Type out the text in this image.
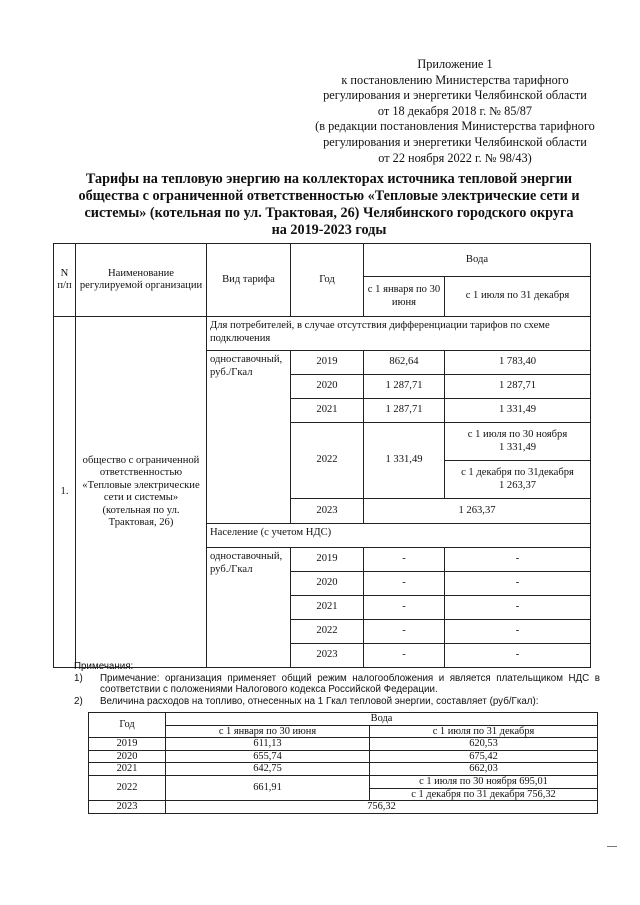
Приложение 1
к постановлению Министерства тарифного
регулирования и энергетики Челябинской области
от 18 декабря 2018 г. № 85/87
(в редакции постановления Министерства тарифного
регулирования и энергетики Челябинской области
от 22 ноября 2022 г. № 98/43)
Тарифы на тепловую энергию на коллекторах источника тепловой энергии
общества с ограниченной ответственностью «Тепловые электрические сети и
системы» (котельная по ул. Трактовая, 26) Челябинского городского округа
на 2019-2023 годы
N п/п	Наименование регулируемой организации	Вид тарифа	Год	Вода	
				с 1 января по 30 июня	с 1 июля по 31 декабря
1.	общество с ограниченной ответственностью «Тепловые электрические сети и системы» (котельная по ул. Трактовая, 26)	Для потребителей, в случае отсутствия дифференциации тарифов по схеме подключения			
		одноставочный, руб./Гкал	2019	862,64	1 783,40
			2020	1 287,71	1 287,71
			2021	1 287,71	1 331,49
			2022	1 331,49	с 1 июля по 30 ноября
1 331,49

					с 1 декабря по 31декабря
1 263,37

			2023	1 263,37	
		Население (с учетом НДС)			
		одноставочный, руб./Гкал	2019	-	-
			2020	-	-
			2021	-	-
			2022	-	-
			2023	-	-
Примечания:
1) Примечание: организация применяет общий режим налогообложения и является плательщиком НДС в
соответствии с положениями Налогового кодекса Российской Федерации.
2) Величина расходов на топливо, отнесенных на 1 Гкал тепловой энергии, составляет (руб/Гкал):
Год	Вода	
	с 1 января по 30 июня	с 1 июля по 31 декабря
2019	611,13	620,53
2020	655,74	675,42
2021	642,75	662,03
2022	661,91	с 1 июля по 30 ноября 695,01
		с 1 декабря по 31 декабря 756,32
2023	756,32	
